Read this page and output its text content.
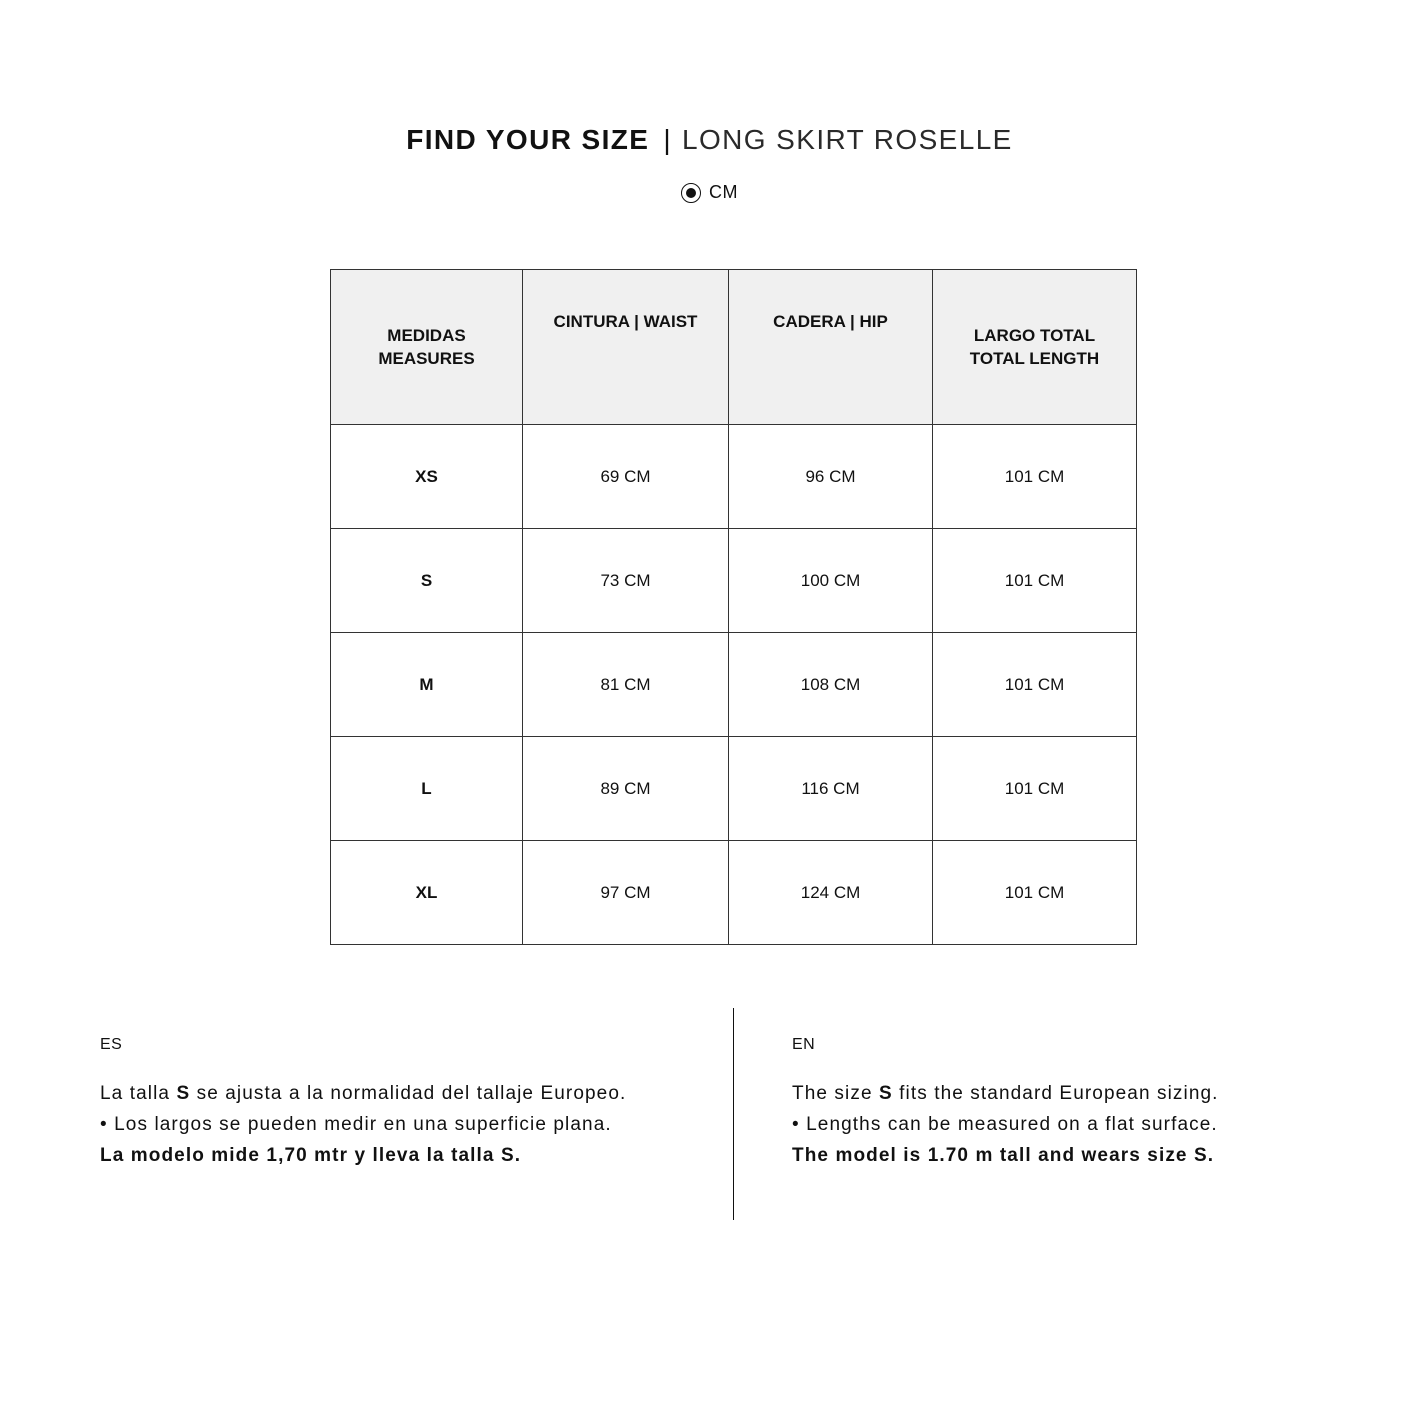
FIND YOUR SIZE | LONG SKIRT ROSELLE
CM
MEDIDAS
MEASURES	CINTURA | WAIST	CADERA | HIP	LARGO TOTAL
TOTAL LENGTH

XS	69 CM	96 CM	101 CM
S	73 CM	100 CM	101 CM
M	81 CM	108 CM	101 CM
L	89 CM	116 CM	101 CM
XL	97 CM	124 CM	101 CM
ES
La talla S se ajusta a la normalidad del tallaje Europeo.
• Los largos se pueden medir en una superficie plana.
La modelo mide 1,70 mtr y lleva la talla S.
EN
The size S fits the standard European sizing.
• Lengths can be measured on a flat surface.
The model is 1.70 m tall and wears size S.
